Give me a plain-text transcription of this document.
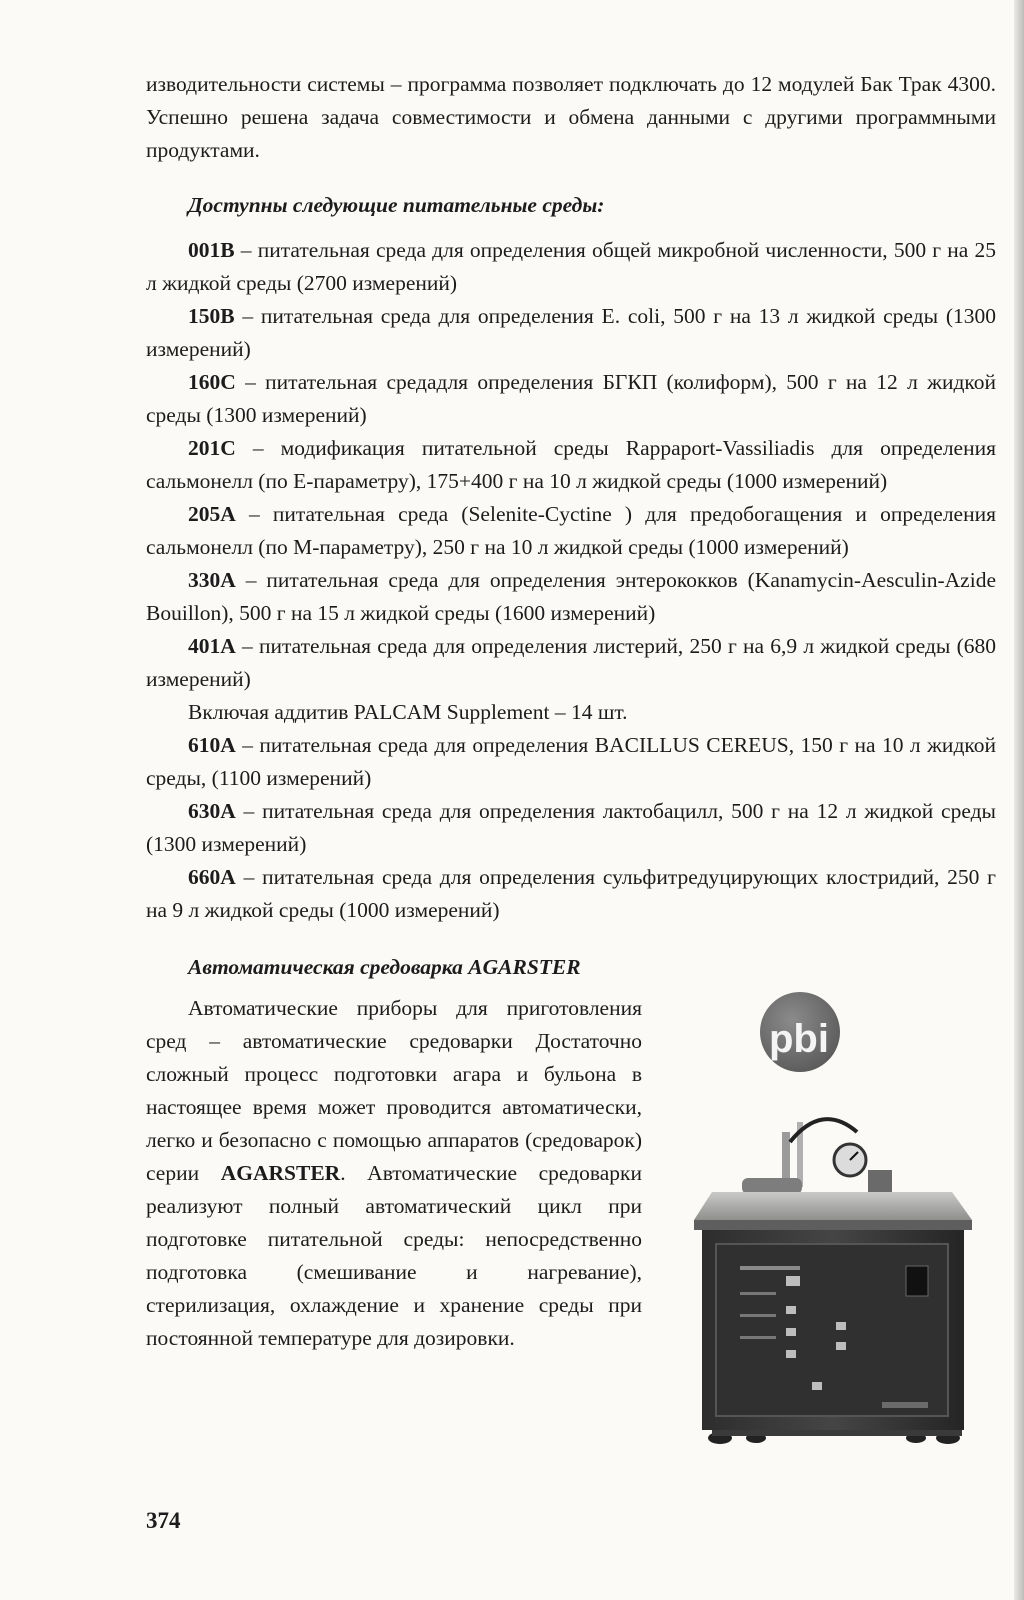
изводительности системы – программа позволяет подключать до 12 модулей Бак Трак 4300. Успешно решена задача совместимости и обмена данными с другими программными продуктами.

Доступны следующие питательные среды:

001В – питательная среда для определения общей микробной численности, 500 г на 25 л жидкой среды (2700 измерений)

150В – питательная среда для определения E. coli, 500 г на 13 л жидкой среды (1300 измерений)

160С – питательная средадля определения БГКП (колиформ), 500 г на 12 л жидкой среды (1300 измерений)

201С – модификация питательной среды Rappaport-Vassiliadis для определения сальмонелл (по Е-параметру), 175+400 г на 10 л жидкой среды (1000 измерений)

205А – питательная среда (Selenite-Cyctine ) для предобогащения и определения сальмонелл (по М-параметру), 250 г на 10 л жидкой среды (1000 измерений)

330А – питательная среда для определения энтерококков (Kanamycin-Aesculin-Azide Bouillon), 500 г на 15 л жидкой среды (1600 измерений)

401А – питательная среда для определения листерий, 250 г на 6,9 л жидкой среды (680 измерений)

Включая аддитив PALCAM Supplement – 14 шт.

610А – питательная среда для определения BACILLUS CEREUS, 150 г на 10 л жидкой среды, (1100 измерений)

630А – питательная среда для определения лактобацилл, 500 г на 12 л жидкой среды (1300 измерений)

660А – питательная среда для определения сульфитредуцирующих клостридий, 250 г на 9 л жидкой среды (1000 измерений)

Автоматическая средоварка AGARSTER

Автоматические приборы для приготовления сред – автоматические средоварки Достаточно сложный процесс подготовки агара и бульона в настоящее время может проводится автоматически, легко и безопасно с помощью аппаратов (средоварок) серии AGARSTER. Автоматические средоварки реализуют полный автоматический цикл при подготовке питательной среды: непосредственно подготовка (смешивание и нагревание), стерилизация, охлаждение и хранение среды при постоянной температуре для дозировки.

pbi
374
